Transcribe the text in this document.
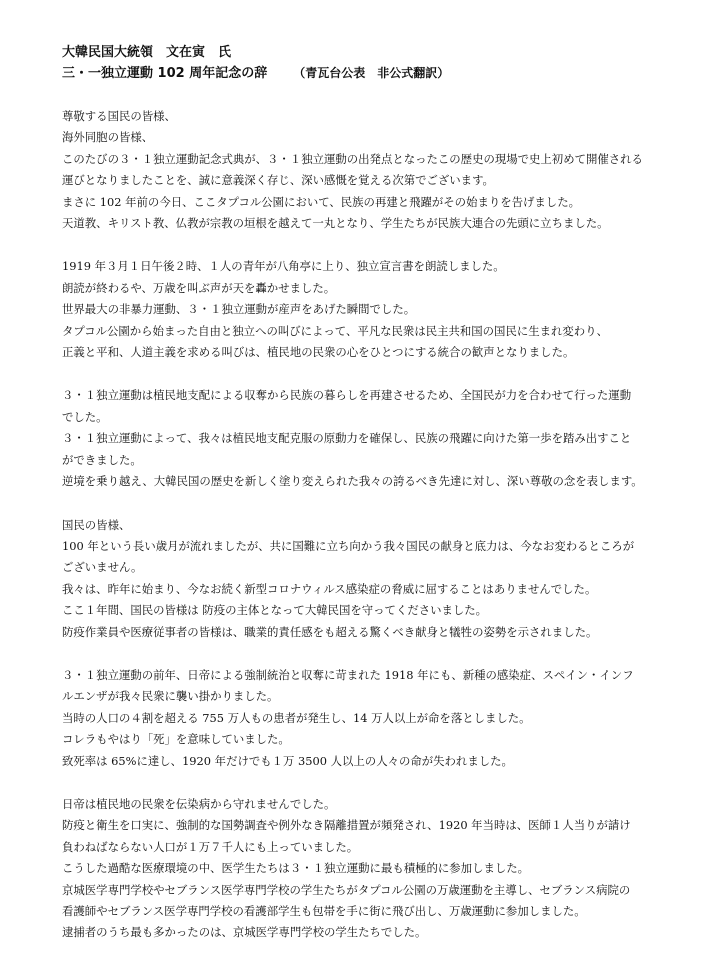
大韓民国大統領　文在寅　氏
三・一独立運動 102 周年記念の辞 （青瓦台公表　非公式翻訳）
尊敬する国民の皆様、
海外同胞の皆様、
このたびの３・１独立運動記念式典が、３・１独立運動の出発点となったこの歴史の現場で史上初めて開催される
運びとなりましたことを、誠に意義深く存じ、深い感慨を覚える次第でございます。
まさに 102 年前の今日、ここタプコル公園において、民族の再建と飛躍がその始まりを告げました。
天道教、キリスト教、仏教が宗教の垣根を越えて一丸となり、学生たちが民族大連合の先頭に立ちました。
1919 年３月１日午後２時、１人の青年が八角亭に上り、独立宣言書を朗読しました。
朗読が終わるや、万歳を叫ぶ声が天を轟かせました。
世界最大の非暴力運動、３・１独立運動が産声をあげた瞬間でした。
タプコル公園から始まった自由と独立への叫びによって、平凡な民衆は民主共和国の国民に生まれ変わり、
正義と平和、人道主義を求める叫びは、植民地の民衆の心をひとつにする統合の歓声となりました。
３・１独立運動は植民地支配による収奪から民族の暮らしを再建させるため、全国民が力を合わせて行った運動
でした。
３・１独立運動によって、我々は植民地支配克服の原動力を確保し、民族の飛躍に向けた第一歩を踏み出すこと
ができました。
逆境を乗り越え、大韓民国の歴史を新しく塗り変えられた我々の誇るべき先達に対し、深い尊敬の念を表します。
国民の皆様、
100 年という長い歳月が流れましたが、共に国難に立ち向かう我々国民の献身と底力は、今なお変わるところが
ございません。
我々は、昨年に始まり、今なお続く新型コロナウィルス感染症の脅威に屈することはありませんでした。
ここ１年間、国民の皆様は 防疫の主体となって大韓民国を守ってくださいました。
防疫作業員や医療従事者の皆様は、職業的責任感をも超える驚くべき献身と犠牲の姿勢を示されました。
３・１独立運動の前年、日帝による強制統治と収奪に苛まれた 1918 年にも、新種の感染症、スペイン・インフ
ルエンザが我々民衆に襲い掛かりました。
当時の人口の４割を超える 755 万人もの患者が発生し、14 万人以上が命を落としました。
コレラもやはり「死」を意味していました。
致死率は 65%に達し、1920 年だけでも１万 3500 人以上の人々の命が失われました。
日帝は植民地の民衆を伝染病から守れませんでした。
防疫と衛生を口実に、強制的な国勢調査や例外なき隔離措置が頻発され、1920 年当時は、医師１人当りが請け
負わねばならない人口が１万７千人にも上っていました。
こうした過酷な医療環境の中、医学生たちは３・１独立運動に最も積極的に参加しました。
京城医学専門学校やセブランス医学専門学校の学生たちがタプコル公園の万歳運動を主導し、セブランス病院の
看護師やセブランス医学専門学校の看護部学生も包帯を手に街に飛び出し、万歳運動に参加しました。
逮捕者のうち最も多かったのは、京城医学専門学校の学生たちでした。
